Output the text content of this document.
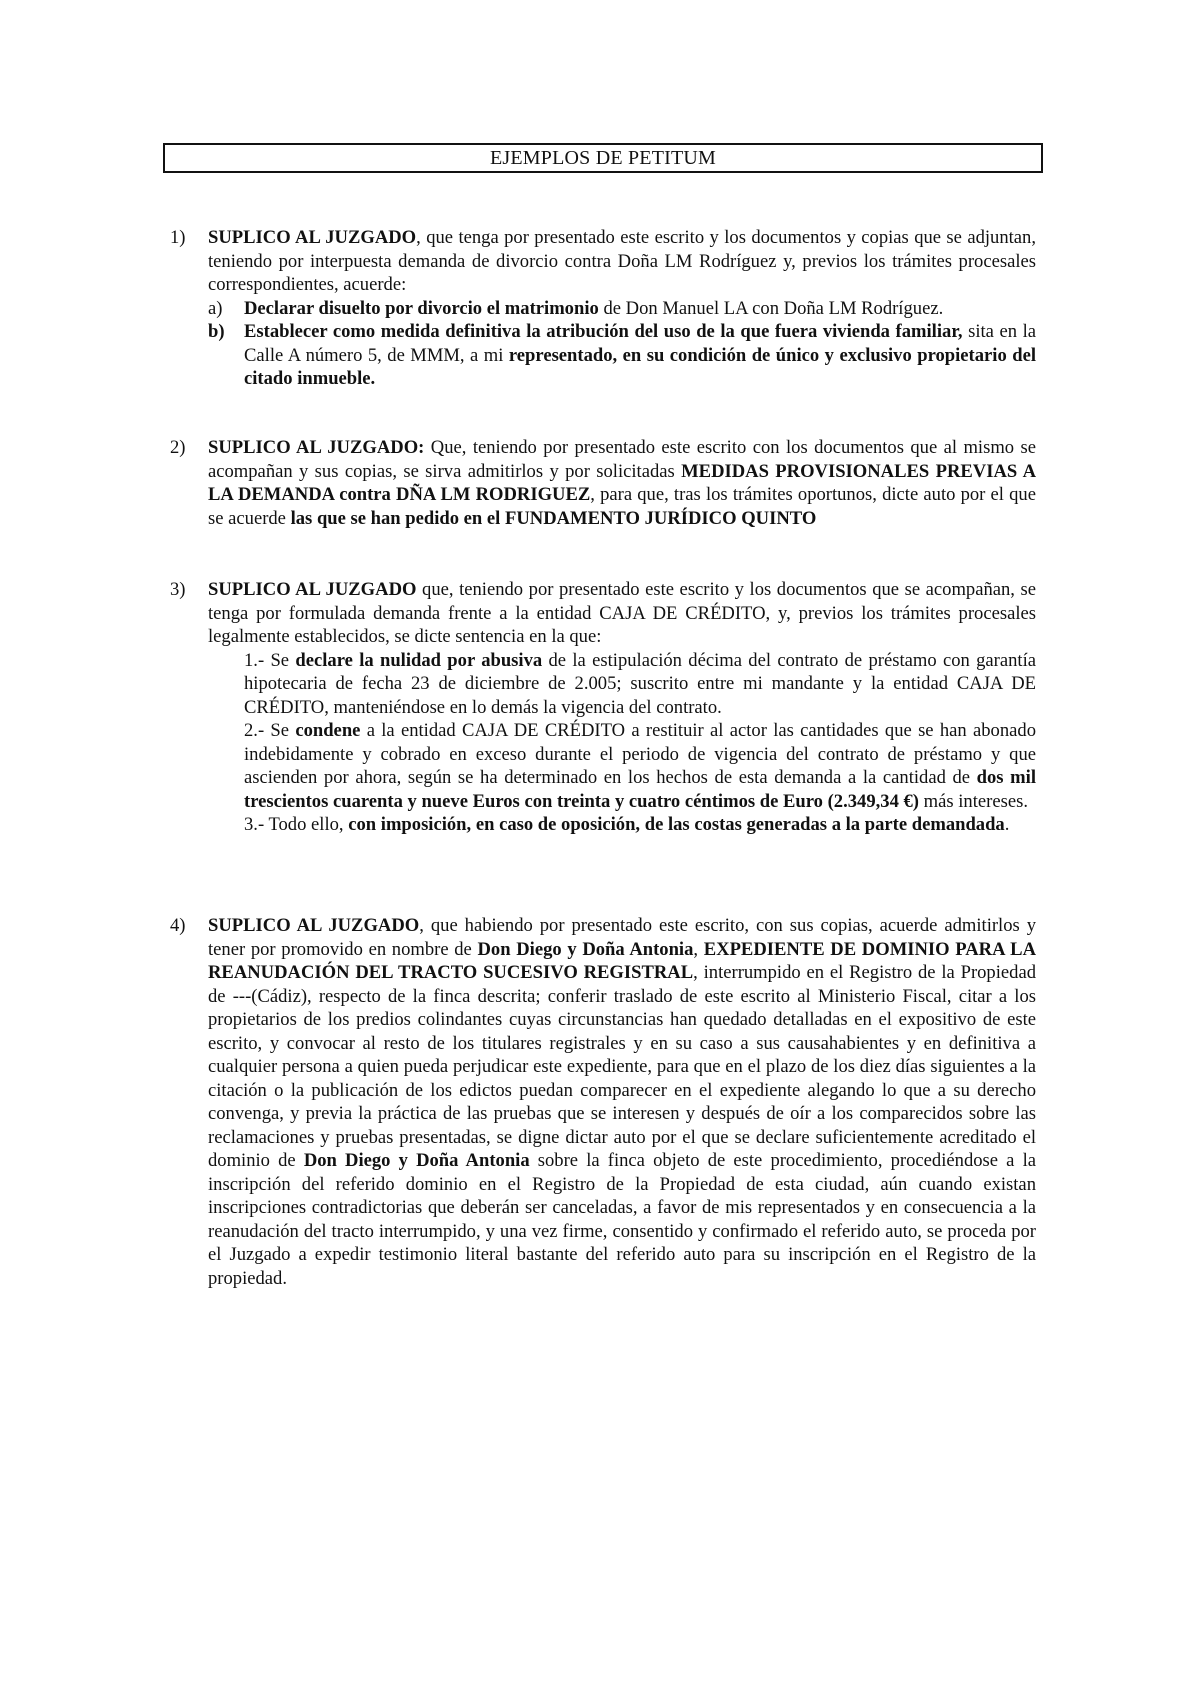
EJEMPLOS DE PETITUM
1) SUPLICO AL JUZGADO, que tenga por presentado este escrito y los documentos y copias que se adjuntan, teniendo por interpuesta demanda de divorcio contra Doña LM Rodríguez y, previos los trámites procesales correspondientes, acuerde:

a) Declarar disuelto por divorcio el matrimonio de Don Manuel LA con Doña LM Rodríguez.
b) Establecer como medida definitiva la atribución del uso de la que fuera vivienda familiar, sita en la Calle A número 5, de MMM, a mi representado, en su condición de único y exclusivo propietario del citado inmueble.
2) SUPLICO AL JUZGADO: Que, teniendo por presentado este escrito con los documentos que al mismo se acompañan y sus copias, se sirva admitirlos y por solicitadas MEDIDAS PROVISIONALES PREVIAS A LA DEMANDA contra DÑA LM RODRIGUEZ, para que, tras los trámites oportunos, dicte auto por el que se acuerde las que se han pedido en el FUNDAMENTO JURÍDICO QUINTO

3) SUPLICO AL JUZGADO que, teniendo por presentado este escrito y los documentos que se acompañan, se tenga por formulada demanda frente a la entidad CAJA DE CRÉDITO, y, previos los trámites procesales legalmente establecidos, se dicte sentencia en la que:

1.- Se declare la nulidad por abusiva de la estipulación décima del contrato de préstamo con garantía hipotecaria de fecha 23 de diciembre de 2.005; suscrito entre mi mandante y la entidad CAJA DE CRÉDITO, manteniéndose en lo demás la vigencia del contrato.
2.- Se condene a la entidad CAJA DE CRÉDITO a restituir al actor las cantidades que se han abonado indebidamente y cobrado en exceso durante el periodo de vigencia del contrato de préstamo y que ascienden por ahora, según se ha determinado en los hechos de esta demanda a la cantidad de dos mil trescientos cuarenta y nueve Euros con treinta y cuatro céntimos de Euro (2.349,34 €) más intereses.
3.- Todo ello, con imposición, en caso de oposición, de las costas generadas a la parte demandada.
4) SUPLICO AL JUZGADO, que habiendo por presentado este escrito, con sus copias, acuerde admitirlos y tener por promovido en nombre de Don Diego y Doña Antonia, EXPEDIENTE DE DOMINIO PARA LA REANUDACIÓN DEL TRACTO SUCESIVO REGISTRAL, interrumpido en el Registro de la Propiedad de ---(Cádiz), respecto de la finca descrita; conferir traslado de este escrito al Ministerio Fiscal, citar a los propietarios de los predios colindantes cuyas circunstancias han quedado detalladas en el expositivo de este escrito, y convocar al resto de los titulares registrales y en su caso a sus causahabientes y en definitiva a cualquier persona a quien pueda perjudicar este expediente, para que en el plazo de los diez días siguientes a la citación o la publicación de los edictos puedan comparecer en el expediente alegando lo que a su derecho convenga, y previa la práctica de las pruebas que se interesen y después de oír a los comparecidos sobre las reclamaciones y pruebas presentadas, se digne dictar auto por el que se declare suficientemente acreditado el dominio de Don Diego y Doña Antonia sobre la finca objeto de este procedimiento, procediéndose a la inscripción del referido dominio en el Registro de la Propiedad de esta ciudad, aún cuando existan inscripciones contradictorias que deberán ser canceladas, a favor de mis representados y en consecuencia a la reanudación del tracto interrumpido, y una vez firme, consentido y confirmado el referido auto, se proceda por el Juzgado a expedir testimonio literal bastante del referido auto para su inscripción en el Registro de la propiedad.
